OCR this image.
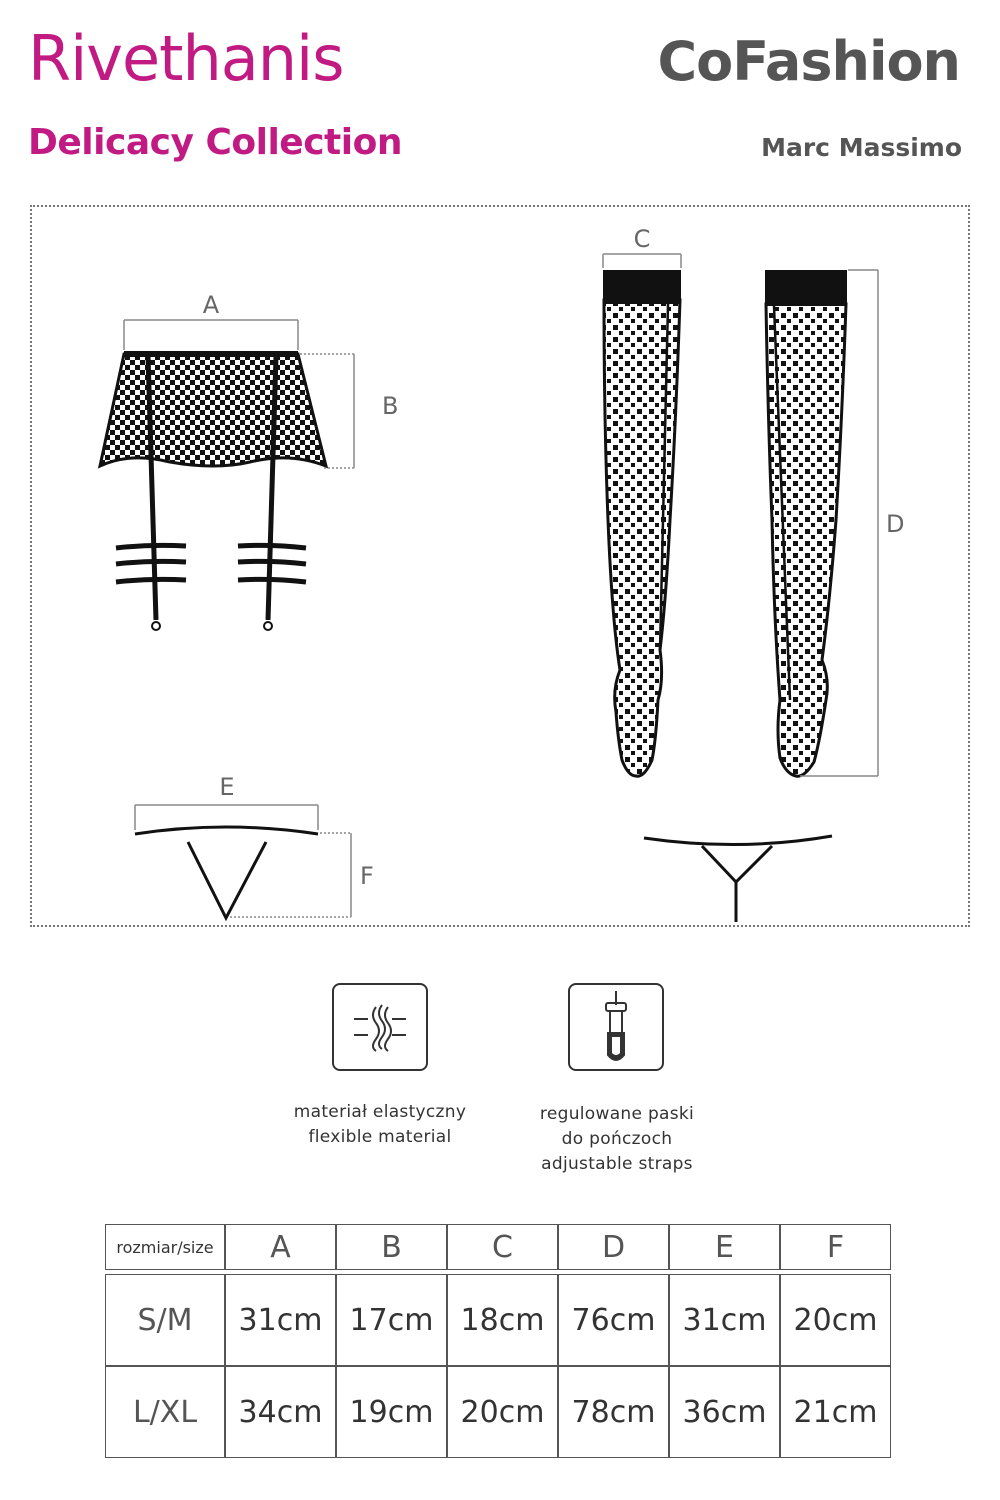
Rivethanis
Delicacy Collection
CoFashion
Marc Massimo
A
B
C
D
E
F
materiał elastyczny
flexible material
regulowane paski
do pończoch
adjustable straps
rozmiar/size	A	B	C	D	E	F

S/M	31cm	17cm	18cm	76cm	31cm	20cm
L/XL	34cm	19cm	20cm	78cm	36cm	21cm
